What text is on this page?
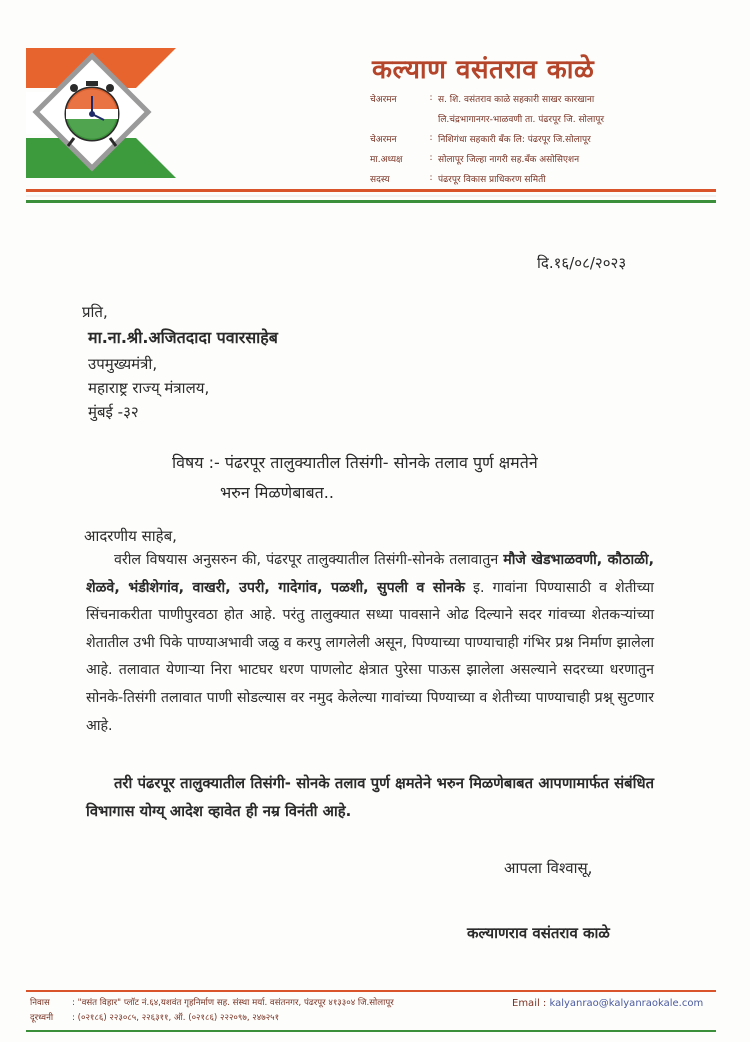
कल्याण वसंतराव काळे
चेअरमन	: स. शि. वसंतराव काळे सहकारी साखर कारखाना
लि.चंद्रभागानगर-भाळवणी ता. पंढरपूर जि. सोलापूर
चेअरमन	: निशिगंधा सहकारी बँक लि: पंढरपूर जि.सोलापूर
मा.अध्यक्ष	: सोलापूर जिल्हा नागरी सह.बँक असोसिएशन
सदस्य	: पंढरपूर विकास प्राधिकरण समिती
दि.१६/०८/२०२३
प्रति,
मा.ना.श्री.अजितदादा पवारसाहेब
उपमुख्यमंत्री,
महाराष्ट्र राज्य् मंत्रालय,
मुंबई -३२
विषय :- पंढरपूर तालुक्यातील तिसंगी- सोनके तलाव पुर्ण क्षमतेने
भरुन मिळणेबाबत..
आदरणीय साहेब,
वरील विषयास अनुसरुन की, पंढरपूर तालुक्यातील तिसंगी-सोनके तलावातुन मौजे खेडभाळवणी, कौठाळी, शेळवे, भंडीशेगांव, वाखरी, उपरी, गादेगांव, पळशी, सुपली व सोनके इ. गावांना पिण्यासाठी व शेतीच्या सिंचनाकरीता पाणीपुरवठा होत आहे. परंतु तालुक्यात सध्या पावसाने ओढ दिल्याने सदर गांवच्या शेतकऱ्यांच्या शेतातील उभी पिके पाण्याअभावी जळु व करपु लागलेली असून, पिण्याच्या पाण्याचाही गंभिर प्रश्न निर्माण झालेला आहे. तलावात येणाऱ्या निरा भाटघर धरण पाणलोट क्षेत्रात पुरेसा पाऊस झालेला असल्याने सदरच्या धरणातुन सोनके-तिसंगी तलावात पाणी सोडल्यास वर नमुद केलेल्या गावांच्या पिण्याच्या व शेतीच्या पाण्याचाही प्रश्न् सुटणार आहे.
तरी पंढरपूर तालुक्यातील तिसंगी- सोनके तलाव पुर्ण क्षमतेने भरुन मिळणेबाबत आपणामार्फत संबंधित विभागास योग्य् आदेश व्हावेत ही नम्र विनंती आहे.
आपला विश्वासू,
कल्याणराव वसंतराव काळे
निवास	: "वसंत विहार" प्लॉट नं.६४,यशवंत गृहनिर्माण सह. संस्था मर्या. वसंतनगर, पंढरपूर ४१३३०४ जि.सोलापूर
दूरध्वनी : (०२१८६) २२३०८५, २२६३११, ऑ. (०२१८६) २२२०९७, २४७२५१
Email : kalyanrao@kalyanraokale.com
